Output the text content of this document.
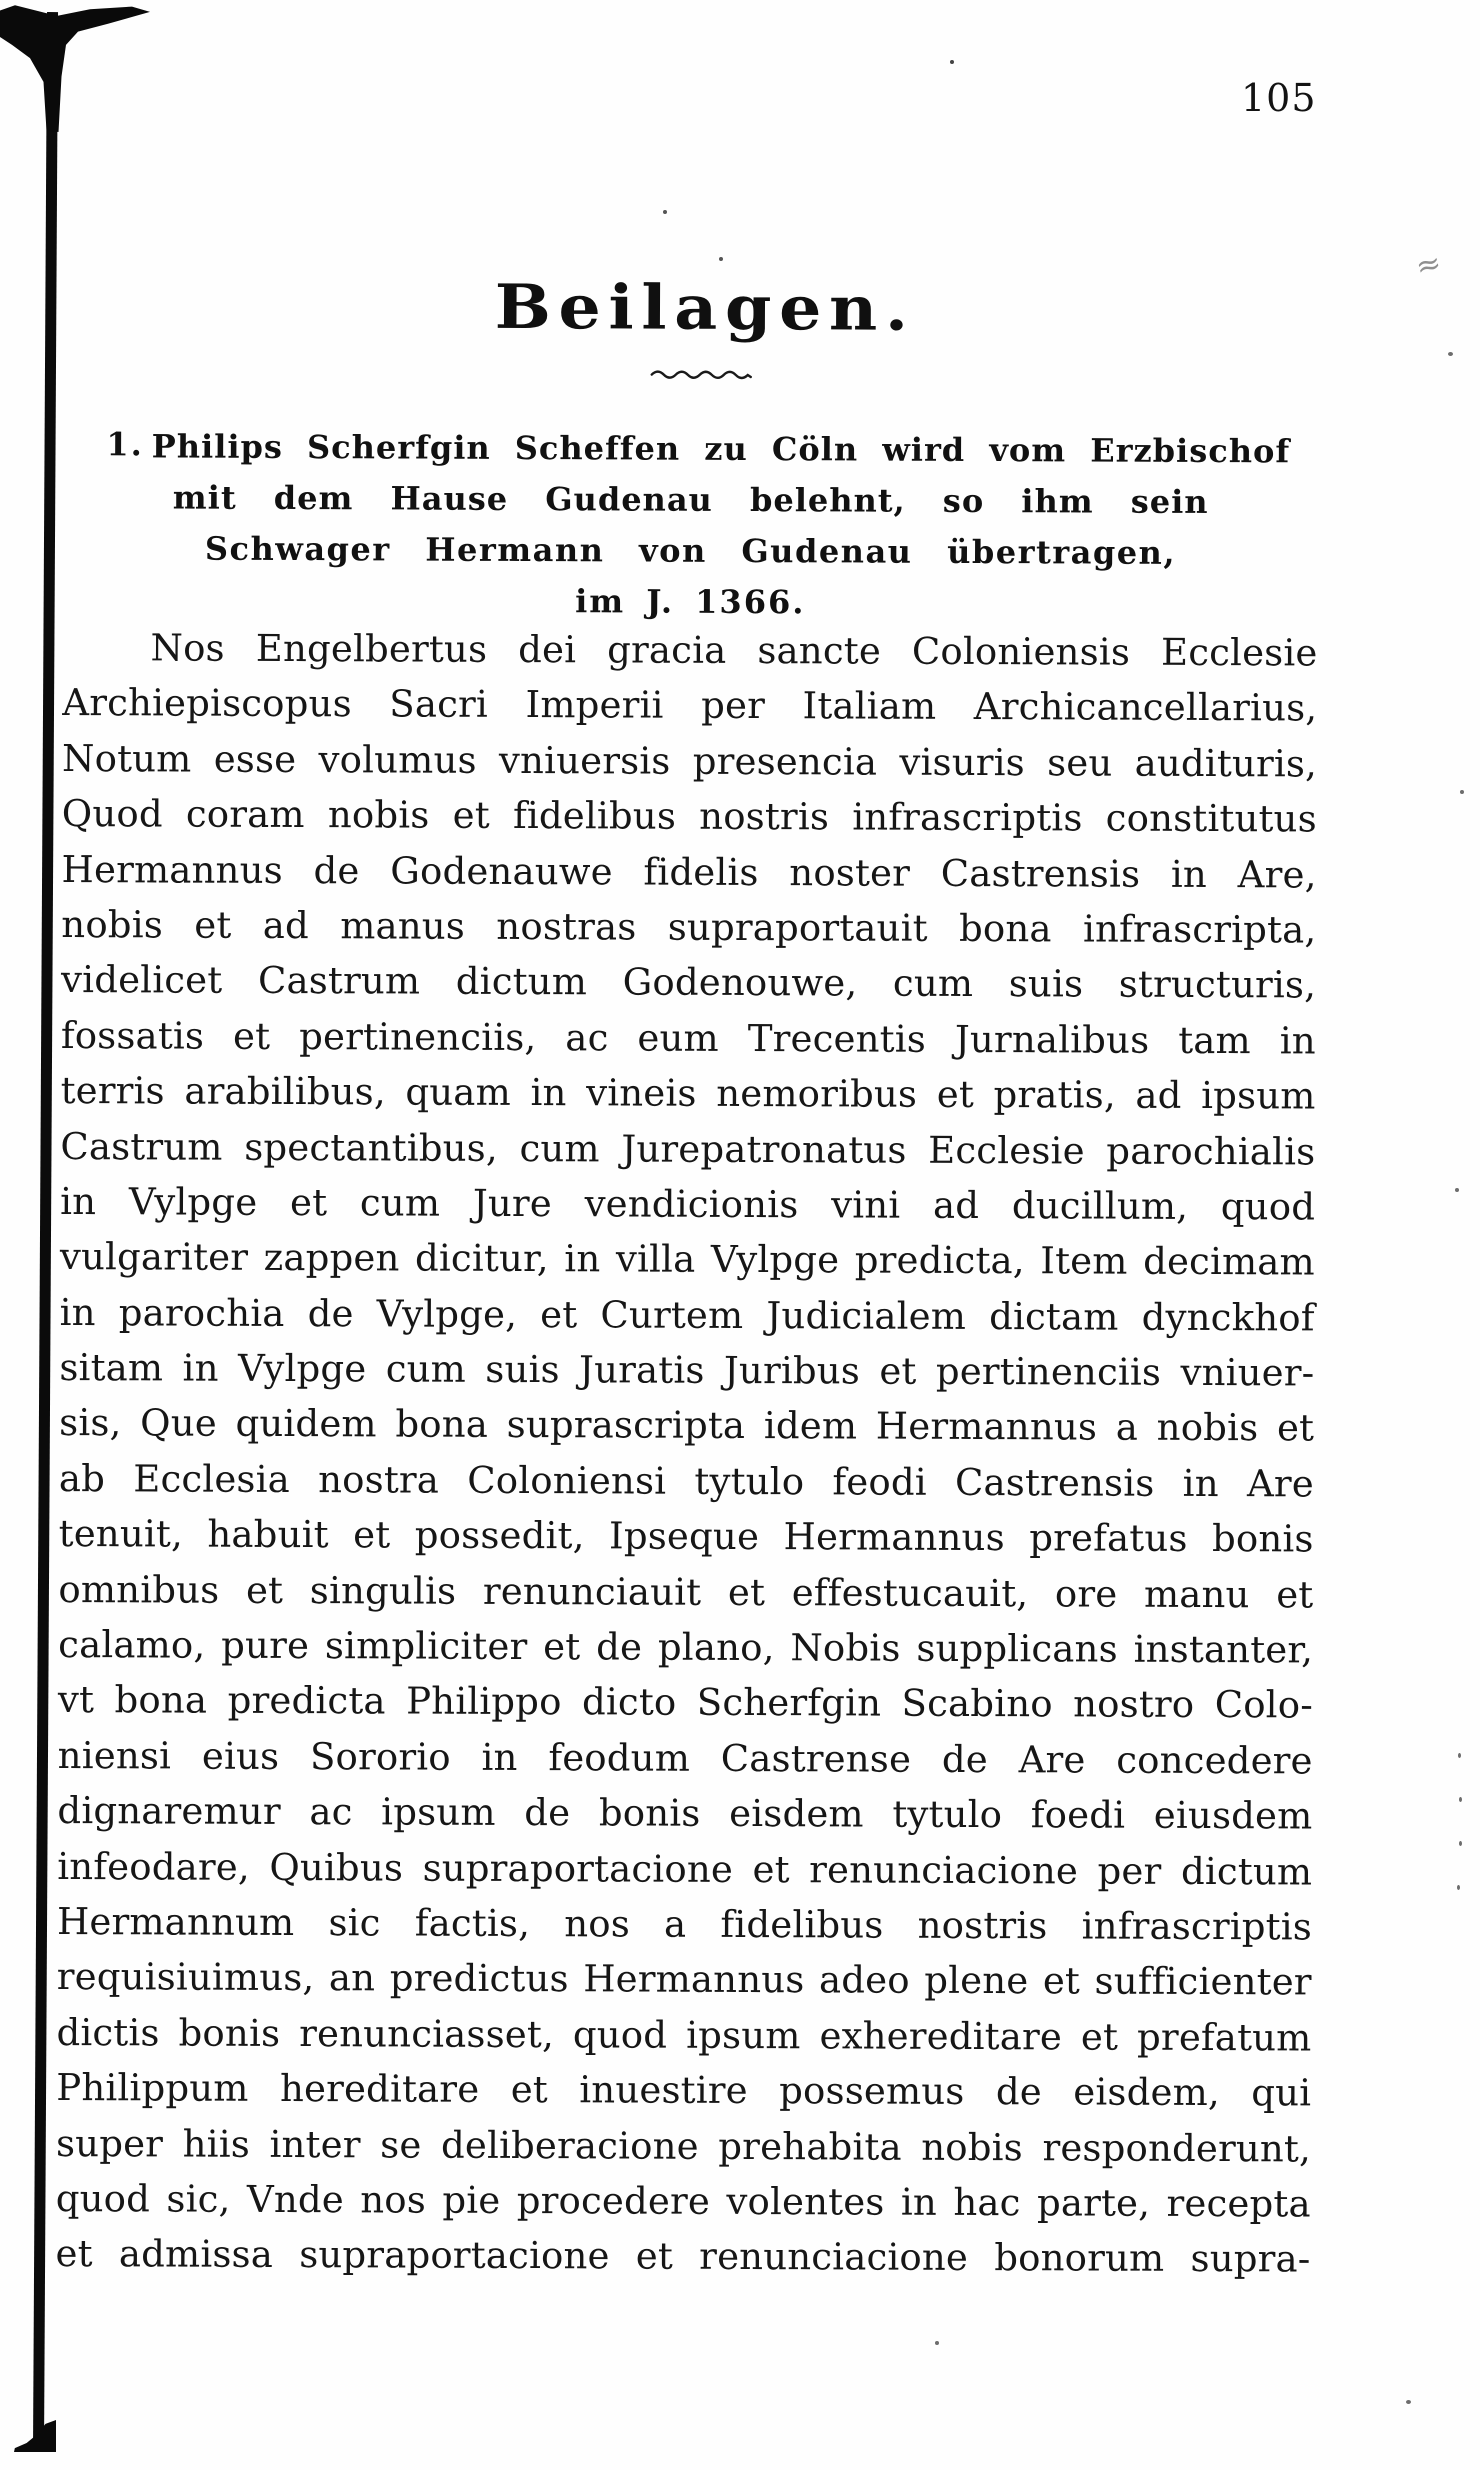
≈
105
Beilagen.
1. Philips Scherfgin Scheffen zu Cöln wird vom Erzbischof
mit dem Hause Gudenau belehnt, so ihm sein
Schwager Hermann von Gudenau übertragen,
im J. 1366.
Nos Engelbertus dei gracia sancte Coloniensis Ecclesie
Archiepiscopus Sacri Imperii per Italiam Archicancellarius,
Notum esse volumus vniuersis presencia visuris seu audituris,
Quod coram nobis et fidelibus nostris infrascriptis constitutus
Hermannus de Godenauwe fidelis noster Castrensis in Are,
nobis et ad manus nostras supraportauit bona infrascripta,
videlicet Castrum dictum Godenouwe, cum suis structuris,
fossatis et pertinenciis, ac eum Trecentis Jurnalibus tam in
terris arabilibus, quam in vineis nemoribus et pratis, ad ipsum
Castrum spectantibus, cum Jurepatronatus Ecclesie parochialis
in Vylpge et cum Jure vendicionis vini ad ducillum, quod
vulgariter zappen dicitur, in villa Vylpge predicta, Item decimam
in parochia de Vylpge, et Curtem Judicialem dictam dynckhof
sitam in Vylpge cum suis Juratis Juribus et pertinenciis vniuer-
sis, Que quidem bona suprascripta idem Hermannus a nobis et
ab Ecclesia nostra Coloniensi tytulo feodi Castrensis in Are
tenuit, habuit et possedit, Ipseque Hermannus prefatus bonis
omnibus et singulis renunciauit et effestucauit, ore manu et
calamo, pure simpliciter et de plano, Nobis supplicans instanter,
vt bona predicta Philippo dicto Scherfgin Scabino nostro Colo-
niensi eius Sororio in feodum Castrense de Are concedere
dignaremur ac ipsum de bonis eisdem tytulo foedi eiusdem
infeodare, Quibus supraportacione et renunciacione per dictum
Hermannum sic factis, nos a fidelibus nostris infrascriptis
requisiuimus, an predictus Hermannus adeo plene et sufficienter
dictis bonis renunciasset, quod ipsum exhereditare et prefatum
Philippum hereditare et inuestire possemus de eisdem, qui
super hiis inter se deliberacione prehabita nobis responderunt,
quod sic, Vnde nos pie procedere volentes in hac parte, recepta
et admissa supraportacione et renunciacione bonorum supra-
